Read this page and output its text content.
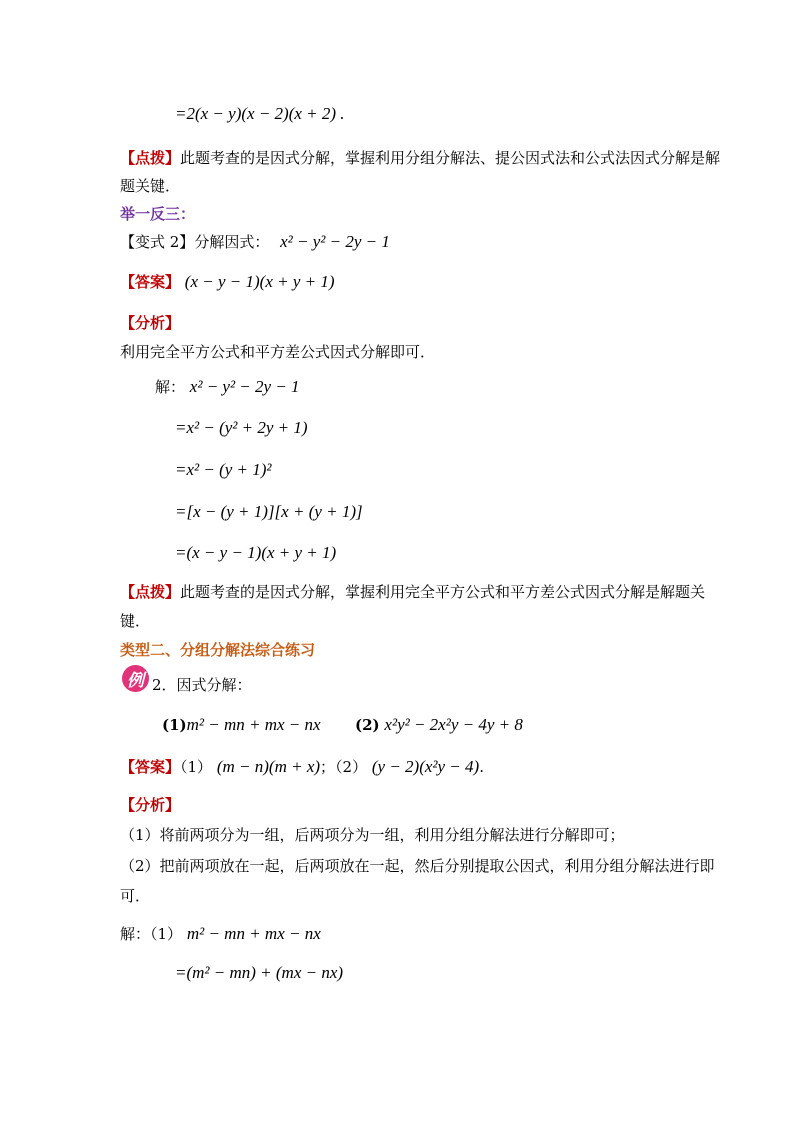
=2(x − y)(x − 2)(x + 2) .
【点拨】此题考查的是因式分解，掌握利用分组分解法、提公因式法和公式法因式分解是解
题关键．
举一反三：
【变式 2】分解因式： x² − y² − 2y − 1
【答案】 (x − y − 1)(x + y + 1)
【分析】
利用完全平方公式和平方差公式因式分解即可．
解： x² − y² − 2y − 1
=x² − (y² + 2y + 1)
=x² − (y + 1)²
=[x − (y + 1)][x + (y + 1)]
=(x − y − 1)(x + y + 1)
【点拨】此题考查的是因式分解，掌握利用完全平方公式和平方差公式因式分解是解题关
键．
类型二、分组分解法综合练习
例 2．因式分解：
(1)m² − mn + mx − nx (2) x²y² − 2x²y − 4y + 8
【答案】（1） (m − n)(m + x)；（2） (y − 2)(x²y − 4).
【分析】
（1）将前两项分为一组，后两项分为一组，利用分组分解法进行分解即可；
（2）把前两项放在一起，后两项放在一起，然后分别提取公因式，利用分组分解法进行即
可．
解：（1） m² − mn + mx − nx
=(m² − mn) + (mx − nx)
